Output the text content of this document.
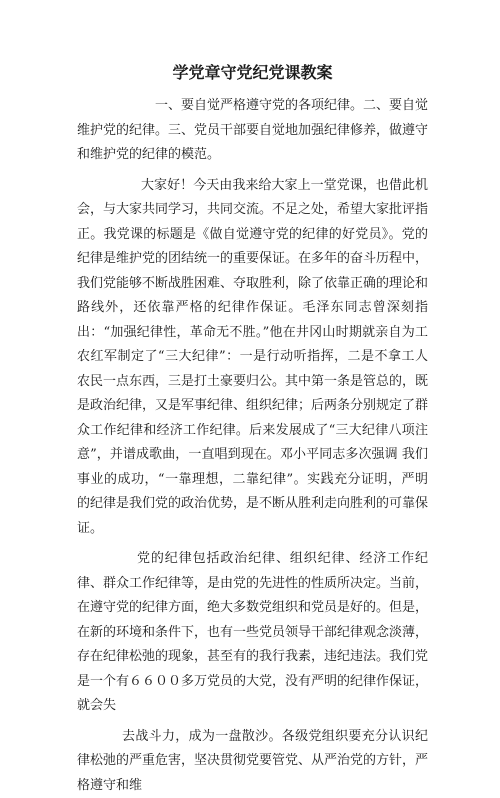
学党章守党纪党课教案

一、要自觉严格遵守党的各项纪律。二、要自觉维护党的纪律。三、党员干部要自觉地加强纪律修养，做遵守和维护党的纪律的模范。

大家好！今天由我来给大家上一堂党课，也借此机会，与大家共同学习，共同交流。不足之处，希望大家批评指正。我党课的标题是《做自觉遵守党的纪律的好党员》。党的纪律是维护党的团结统一的重要保证。在多年的奋斗历程中，我们党能够不断战胜困难、夺取胜利，除了依靠正确的理论和路线外，还依靠严格的纪律作保证。毛泽东同志曾深刻指出：“加强纪律性，革命无不胜。”他在井冈山时期就亲自为工农红军制定了“三大纪律”：一是行动听指挥，二是不拿工人农民一点东西，三是打土豪要归公。其中第一条是管总的，既是政治纪律，又是军事纪律、组织纪律；后两条分别规定了群众工作纪律和经济工作纪律。后来发展成了“三大纪律八项注意”，并谱成歌曲，一直唱到现在。邓小平同志多次强调 我们事业的成功，“一靠理想，二靠纪律”。实践充分证明，严明的纪律是我们党的政治优势，是不断从胜利走向胜利的可靠保证。

党的纪律包括政治纪律、组织纪律、经济工作纪律、群众工作纪律等，是由党的先进性的性质所决定。当前，在遵守党的纪律方面，绝大多数党组织和党员是好的。但是，在新的环境和条件下，也有一些党员领导干部纪律观念淡薄，存在纪律松弛的现象，甚至有的我行我素，违纪违法。我们党是一个有６６００多万党员的大党，没有严明的纪律作保证，就会失

去战斗力，成为一盘散沙。各级党组织要充分认识纪律松弛的严重危害，坚决贯彻党要管党、从严治党的方针，严格遵守和维
